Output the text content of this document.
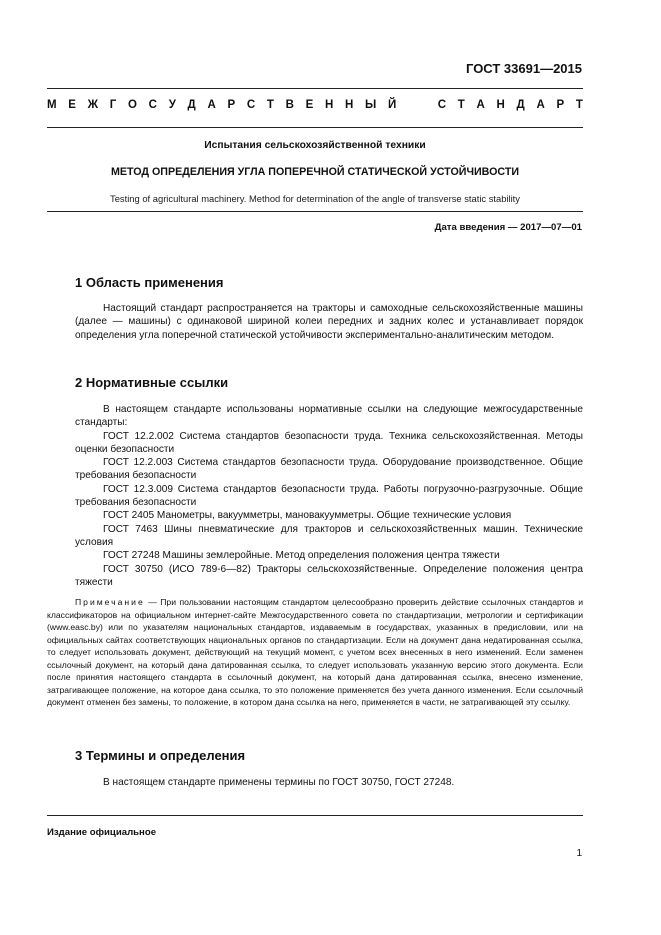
ГОСТ 33691—2015
М Е Ж Г О С У Д А Р С Т В Е Н Н Ы Й

	С Т А Н Д А Р Т
Испытания сельскохозяйственной техники
МЕТОД ОПРЕДЕЛЕНИЯ УГЛА ПОПЕРЕЧНОЙ СТАТИЧЕСКОЙ УСТОЙЧИВОСТИ
Testing of agricultural machinery. Method for determination of the angle of transverse static stability
Дата введения — 2017—07—01
1 Область применения

Настоящий стандарт распространяется на тракторы и самоходные сельскохозяйственные машины (далее — машины) с одинаковой шириной колеи передних и задних колес и устанавливает порядок определения угла поперечной статической устойчивости экспериментально-аналитическим методом.

2 Нормативные ссылки

В настоящем стандарте использованы нормативные ссылки на следующие межгосударственные стандарты:

ГОСТ 12.2.002 Система стандартов безопасности труда. Техника сельскохозяйственная. Методы оценки безопасности

ГОСТ 12.2.003 Система стандартов безопасности труда. Оборудование производственное. Общие требования безопасности

ГОСТ 12.3.009 Система стандартов безопасности труда. Работы погрузочно-разгрузочные. Общие требования безопасности

ГОСТ 2405 Манометры, вакуумметры, мановакуумметры. Общие технические условия

ГОСТ 7463 Шины пневматические для тракторов и сельскохозяйственных машин. Технические условия

ГОСТ 27248 Машины землеройные. Метод определения положения центра тяжести

ГОСТ 30750 (ИСО 789-6—82) Тракторы сельскохозяйственные. Определение положения центра тяжести

Примечание — При пользовании настоящим стандартом целесообразно проверить действие ссылочных стандартов и классификаторов на официальном интернет-сайте Межгосударственного совета по стандартизации, метрологии и сертификации (www.easc.by) или по указателям национальных стандартов, издаваемым в государствах, указанных в предисловии, или на официальных сайтах соответствующих национальных органов по стандартизации. Если на документ дана недатированная ссылка, то следует использовать документ, действующий на текущий момент, с учетом всех внесенных в него изменений. Если заменен ссылочный документ, на который дана датированная ссылка, то следует использовать указанную версию этого документа. Если после принятия настоящего стандарта в ссылочный документ, на который дана датированная ссылка, внесено изменение, затрагивающее положение, на которое дана ссылка, то это положение применяется без учета данного изменения. Если ссылочный документ отменен без замены, то положение, в котором дана ссылка на него, применяется в части, не затрагивающей эту ссылку.

3 Термины и определения

В настоящем стандарте применены термины по ГОСТ 30750, ГОСТ 27248.

Издание официальное
1
